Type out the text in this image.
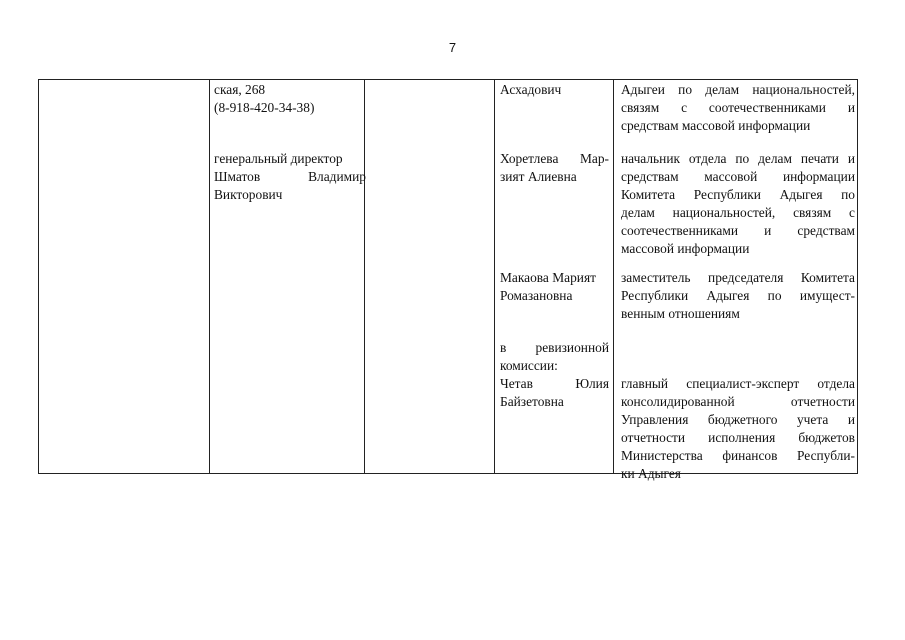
7
ская, 268
(8-918-420-34-38)
генеральный директор
Шматов Владимир
Викторович
Асхадович	Адыгеи по делам национальностей,
связям с соотечественниками и
средствам массовой информации
Хоретлева Мар-
зият Алиевна
начальник отдела по делам печати и
средствам массовой информации
Комитета Республики Адыгея по
делам национальностей, связям с
соотечественниками и средствам
массовой информации
Макаова Марият
Ромазановна
заместитель председателя Комитета
Республики Адыгея по имущест-
венным отношениям
в ревизионной
комиссии:
Четав Юлия
Байзетовна
главный специалист-эксперт отдела
консолидированной отчетности
Управления бюджетного учета и
отчетности исполнения бюджетов
Министерства финансов Республи-
ки Адыгея
